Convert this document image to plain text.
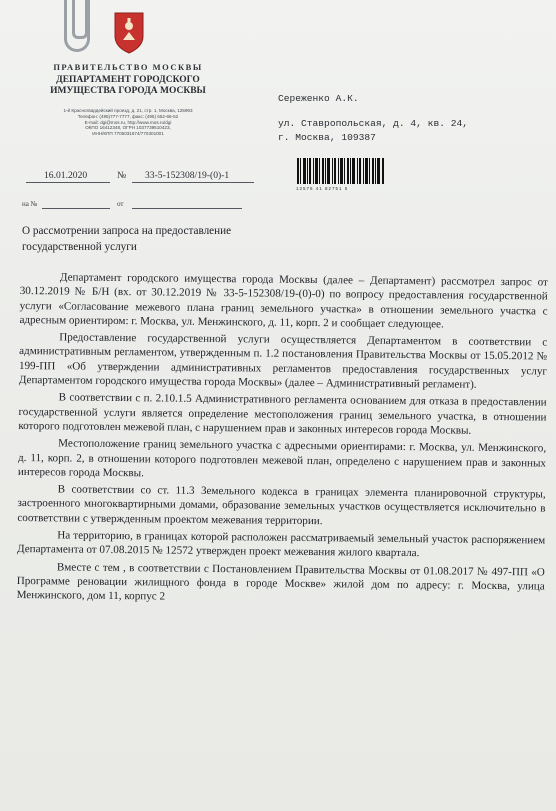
ПРАВИТЕЛЬСТВО МОСКВЫ
ДЕПАРТАМЕНТ ГОРОДСКОГО
ИМУЩЕСТВА ГОРОДА МОСКВЫ
1-й Красногвардейский проезд, д. 21, стр. 1, Москва, 125993
Телефон: (495)777-7777, факс: (495) 652-66-52
E-mail: dgi@mos.ru, http://www.mos.ru/dgi
ОКПО 16412348, ОГРН 1037739510423,
ИНН/КПП 7705031674/770301001
Сереженко А.К.
ул. Ставропольская, д. 4, кв. 24,
г. Москва, 109387
12576 41 82751 5
16.01.2020	№ 33-5-152308/19-(0)-1
на №	от
О рассмотрении запроса на предоставление государственной услуги

Департамент городского имущества города Москвы (далее – Департамент) рассмотрел запрос от 30.12.2019 № Б/Н (вх. от 30.12.2019 № 33-5-152308/19-(0)-0) по вопросу предоставления государственной услуги «Согласование межевого плана границ земельного участка» в отношении земельного участка с адресным ориентиром: г. Москва, ул. Менжинского, д. 11, корп. 2 и сообщает следующее.

Предоставление государственной услуги осуществляется Департаментом в соответствии с административным регламентом, утвержденным п. 1.2 постановления Правительства Москвы от 15.05.2012 № 199-ПП «Об утверждении административных регламентов предоставления государственных услуг Департаментом городского имущества города Москвы» (далее – Административный регламент).

В соответствии с п. 2.10.1.5 Административного регламента основанием для отказа в предоставлении государственной услуги является определение местоположения границ земельного участка, в отношении которого подготовлен межевой план, с нарушением прав и законных интересов города Москвы.

Местоположение границ земельного участка с адресными ориентирами: г. Москва, ул. Менжинского, д. 11, корп. 2, в отношении которого подготовлен межевой план, определено с нарушением прав и законных интересов города Москвы.

В соответствии со ст. 11.3 Земельного кодекса в границах элемента планировочной структуры, застроенного многоквартирными домами, образование земельных участков осуществляется исключительно в соответствии с утвержденным проектом межевания территории.

На территорию, в границах которой расположен рассматриваемый земельный участок распоряжением Департамента от 07.08.2015 № 12572 утвержден проект межевания жилого квартала.

Вместе с тем , в соответствии с Постановлением Правительства Москвы от 01.08.2017 № 497-ПП «О Программе реновации жилищного фонда в городе Москве» жилой дом по адресу: г. Москва, улица Менжинского, дом 11, корпус 2
